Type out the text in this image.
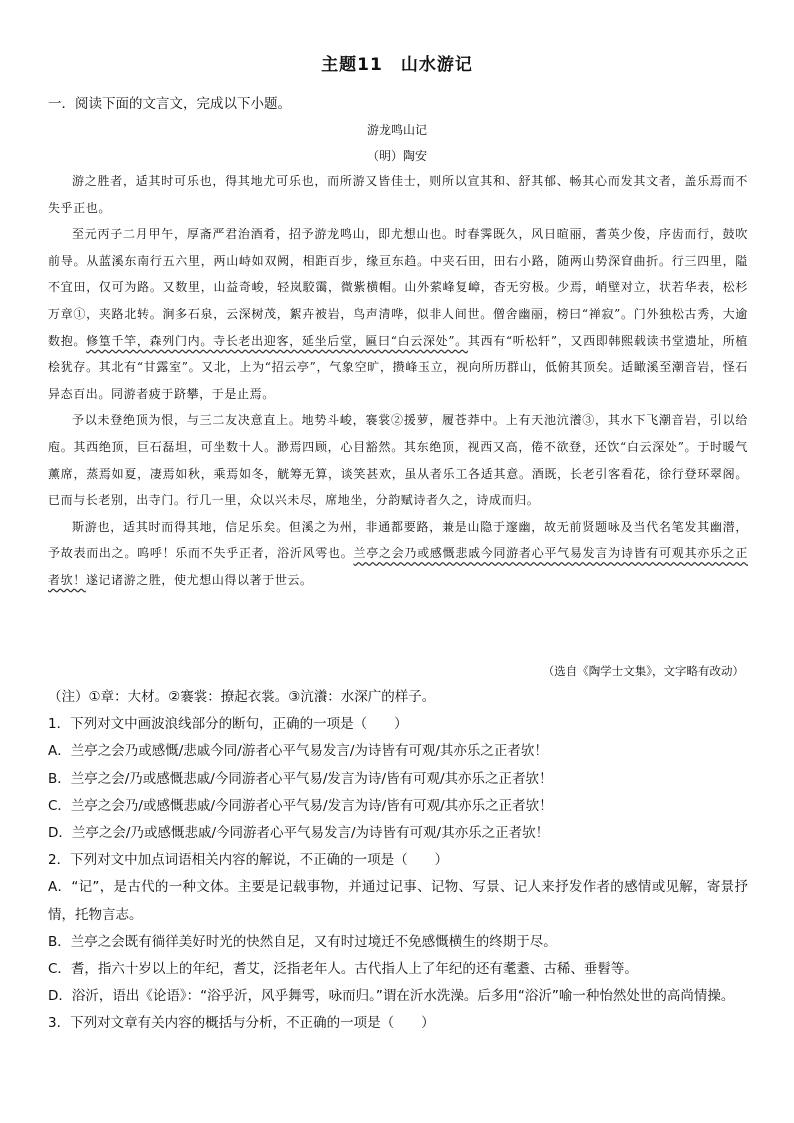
主题11　山水游记
一．阅读下面的文言文，完成以下小题。
游龙鸣山记
（明）陶安

游之胜者，适其时可乐也，得其地尤可乐也，而所游又皆佳士，则所以宣其和、舒其郁、畅其心而发其文者，盖乐焉而不失乎正也。

至元丙子二月甲午，厚斋严君治酒肴，招予游龙鸣山，即尤想山也。时春霁既久，风日暄丽，耆英少俊，序齿而行，鼓吹前导。从蓝溪东南行五六里，两山峙如双阙，相距百步，缘亘东趋。中夹石田，田右小路，随两山势深窅曲折。行三四里，隘不宜田，仅可为路。又数里，山益奇峻，轻岚駮霭，微紫横帽。山外萦峰复嶂，杳无穷极。少焉，峭壁对立，状若华表，松杉万章①，夹路北转。涧多石泉，云深树茂，絮卉被岩，鸟声清哗，似非人间世。僧舍幽丽，榜曰“禅寂”。门外独松古秀，大逾数抱。修篁千竿，森列门内。寺长老出迎客，延坐后堂，匾曰“白云深处”。其西有“听松轩”，又西即韩熙载读书堂遗址，所植桧犹存。其北有“甘露室”。又北，上为“招云亭”，气象空旷，攒峰玉立，视向所历群山，低俯其顶矣。适瞰溪至潮音岩，怪石异态百出。同游者疲于跻攀，于是止焉。

予以未登绝顶为恨，与三二友决意直上。地势斗峻，褰裳②援萝，履苍莽中。上有天池沆瀁③，其水下飞潮音岩，引以给庖。其西绝顶，巨石磊坦，可坐数十人。渺焉四顾，心目豁然。其东绝顶，视西又高，倦不欲登，还饮“白云深处”。于时暖气薰席，蒸焉如夏，凄焉如秋，乘焉如冬，觥筹无算，谈笑甚欢，虽从者乐工各适其意。酒既，长老引客看花，徐行登环翠阁。已而与长老别，出寺门。行几一里，众以兴未尽，席地坐，分韵赋诗者久之，诗成而归。

斯游也，适其时而得其地，信足乐矣。但溪之为州，非通都要路，兼是山隐于邃幽，故无前贤题咏及当代名笔发其幽潜，予故表而出之。呜呼！乐而不失乎正者，浴沂风雩也。兰亭之会乃或感慨悲戚今同游者心平气易发言为诗皆有可观其亦乐之正者欤！遂记诸游之胜，使尤想山得以著于世云。

（选自《陶学士文集》，文字略有改动）
（注）①章：大材。②褰裳：撩起衣裳。③沆瀁：水深广的样子。
1．下列对文中画波浪线部分的断句，正确的一项是（　　）
A．兰亭之会乃或感慨/悲戚今同/游者心平气易发言/为诗皆有可观/其亦乐之正者欤！
B．兰亭之会/乃或感慨悲戚/今同游者心平气易/发言为诗/皆有可观/其亦乐之正者欤！
C．兰亭之会乃/或感慨悲戚/今同游者心平气易/发言为诗/皆有可观/其亦乐之正者欤！
D．兰亭之会/乃或感慨悲戚/今同游者心平气易发言/为诗皆有可观/其亦乐之正者欤！
2．下列对文中加点词语相关内容的解说，不正确的一项是（　　）
A．“记”，是古代的一种文体。主要是记载事物，并通过记事、记物、写景、记人来抒发作者的感情或见解，寄景抒情，托物言志。
B．兰亭之会既有徜徉美好时光的快然自足，又有时过境迁不免感慨横生的终期于尽。
C．耆，指六十岁以上的年纪，耆艾，泛指老年人。古代指人上了年纪的还有耄耋、古稀、垂髫等。
D．浴沂，语出《论语》：“浴乎沂，风乎舞雩，咏而归。”谓在沂水洗澡。后多用“浴沂”喻一种怡然处世的高尚情操。
3．下列对文章有关内容的概括与分析，不正确的一项是（　　）
